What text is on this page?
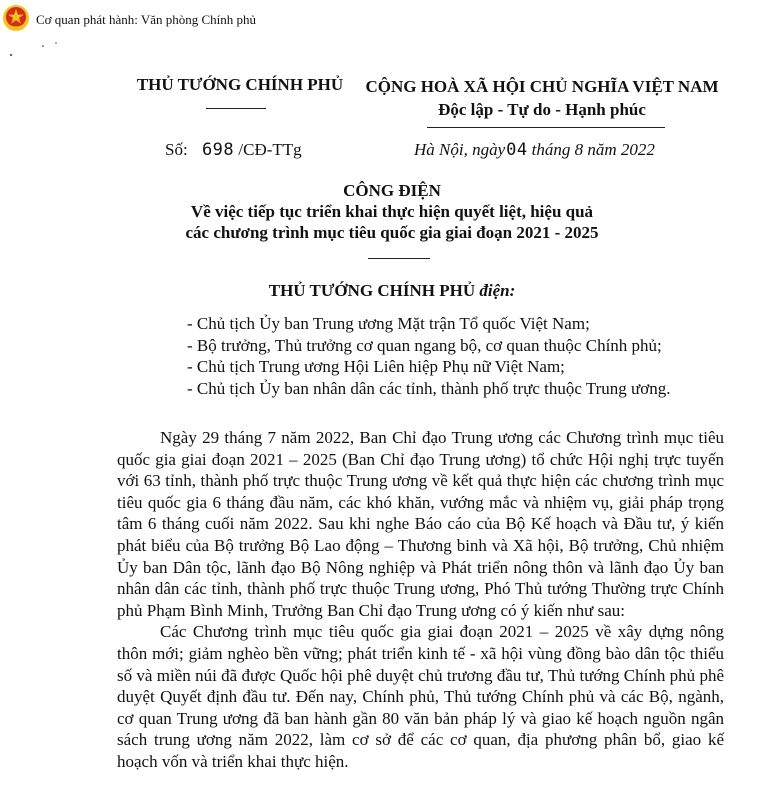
Cơ quan phát hành: Văn phòng Chính phủ
THỦ TƯỚNG CHÍNH PHỦ	CỘNG HOÀ XÃ HỘI CHỦ NGHĨA VIỆT NAM
Độc lập - Tự do - Hạnh phúc
Số: 698 /CĐ-TTg	Hà Nội, ngày04 tháng 8 năm 2022
CÔNG ĐIỆN
Về việc tiếp tục triển khai thực hiện quyết liệt, hiệu quả
các chương trình mục tiêu quốc gia giai đoạn 2021 - 2025
THỦ TƯỚNG CHÍNH PHỦ điện:
- Chủ tịch Ủy ban Trung ương Mặt trận Tổ quốc Việt Nam;
- Bộ trưởng, Thủ trưởng cơ quan ngang bộ, cơ quan thuộc Chính phủ;
- Chủ tịch Trung ương Hội Liên hiệp Phụ nữ Việt Nam;
- Chủ tịch Ủy ban nhân dân các tỉnh, thành phố trực thuộc Trung ương.

Ngày 29 tháng 7 năm 2022, Ban Chỉ đạo Trung ương các Chương trình mục tiêu quốc gia giai đoạn 2021 – 2025 (Ban Chỉ đạo Trung ương) tổ chức Hội nghị trực tuyến với 63 tỉnh, thành phố trực thuộc Trung ương về kết quả thực hiện các chương trình mục tiêu quốc gia 6 tháng đầu năm, các khó khăn, vướng mắc và nhiệm vụ, giải pháp trọng tâm 6 tháng cuối năm 2022. Sau khi nghe Báo cáo của Bộ Kế hoạch và Đầu tư, ý kiến phát biểu của Bộ trưởng Bộ Lao động – Thương binh và Xã hội, Bộ trưởng, Chủ nhiệm Ủy ban Dân tộc, lãnh đạo Bộ Nông nghiệp và Phát triển nông thôn và lãnh đạo Ủy ban nhân dân các tỉnh, thành phố trực thuộc Trung ương, Phó Thủ tướng Thường trực Chính phủ Phạm Bình Minh, Trưởng Ban Chỉ đạo Trung ương có ý kiến như sau:

Các Chương trình mục tiêu quốc gia giai đoạn 2021 – 2025 về xây dựng nông thôn mới; giảm nghèo bền vững; phát triển kinh tế - xã hội vùng đồng bào dân tộc thiểu số và miền núi đã được Quốc hội phê duyệt chủ trương đầu tư, Thủ tướng Chính phủ phê duyệt Quyết định đầu tư. Đến nay, Chính phủ, Thủ tướng Chính phủ và các Bộ, ngành, cơ quan Trung ương đã ban hành gần 80 văn bản pháp lý và giao kế hoạch nguồn ngân sách trung ương năm 2022, làm cơ sở để các cơ quan, địa phương phân bổ, giao kế hoạch vốn và triển khai thực hiện.
